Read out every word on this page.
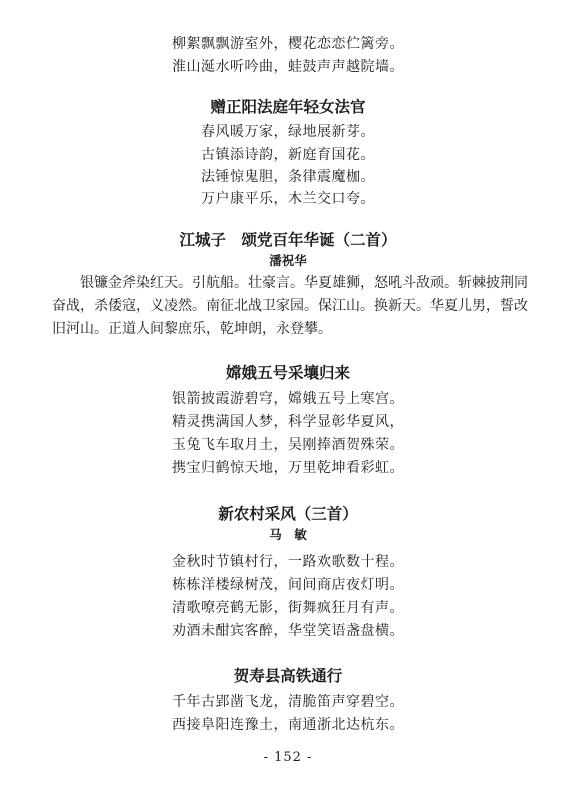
柳絮飘飘游室外，樱花恋恋伫篱旁。
淮山涎水听吟曲，蛙鼓声声越院墙。
赠正阳法庭年轻女法官
春风暖万家，绿地展新芽。
古镇添诗韵，新庭育国花。
法锤惊鬼胆，条律震魔枷。
万户康平乐，木兰交口夸。
江城子　颂党百年华诞（二首）
潘祝华
银镰金斧染红天。引航船。壮豪言。华夏雄狮，怒吼斗敌顽。斩棘披荆同奋战，杀倭寇，义凌然。南征北战卫家园。保江山。换新天。华夏儿男，誓改旧河山。正道人间黎庶乐，乾坤朗，永登攀。
嫦娥五号采壤归来
银箭披霞游碧穹，嫦娥五号上寒宫。
精灵携满国人梦，科学显彰华夏风，
玉兔飞车取月土，吴刚捧酒贺殊荣。
携宝归鹤惊天地，万里乾坤看彩虹。
新农村采风（三首）
马　敏
金秋时节镇村行，一路欢歌数十程。
栋栋洋楼绿树茂，间间商店夜灯明。
清歌嘹亮鹤无影，街舞疯狂月有声。
劝酒未酣宾客醉，华堂笑语盏盘横。
贺寿县高铁通行
千年古郢凿飞龙，清脆笛声穿碧空。
西接阜阳连豫土，南通浙北达杭东。
- 152 -
